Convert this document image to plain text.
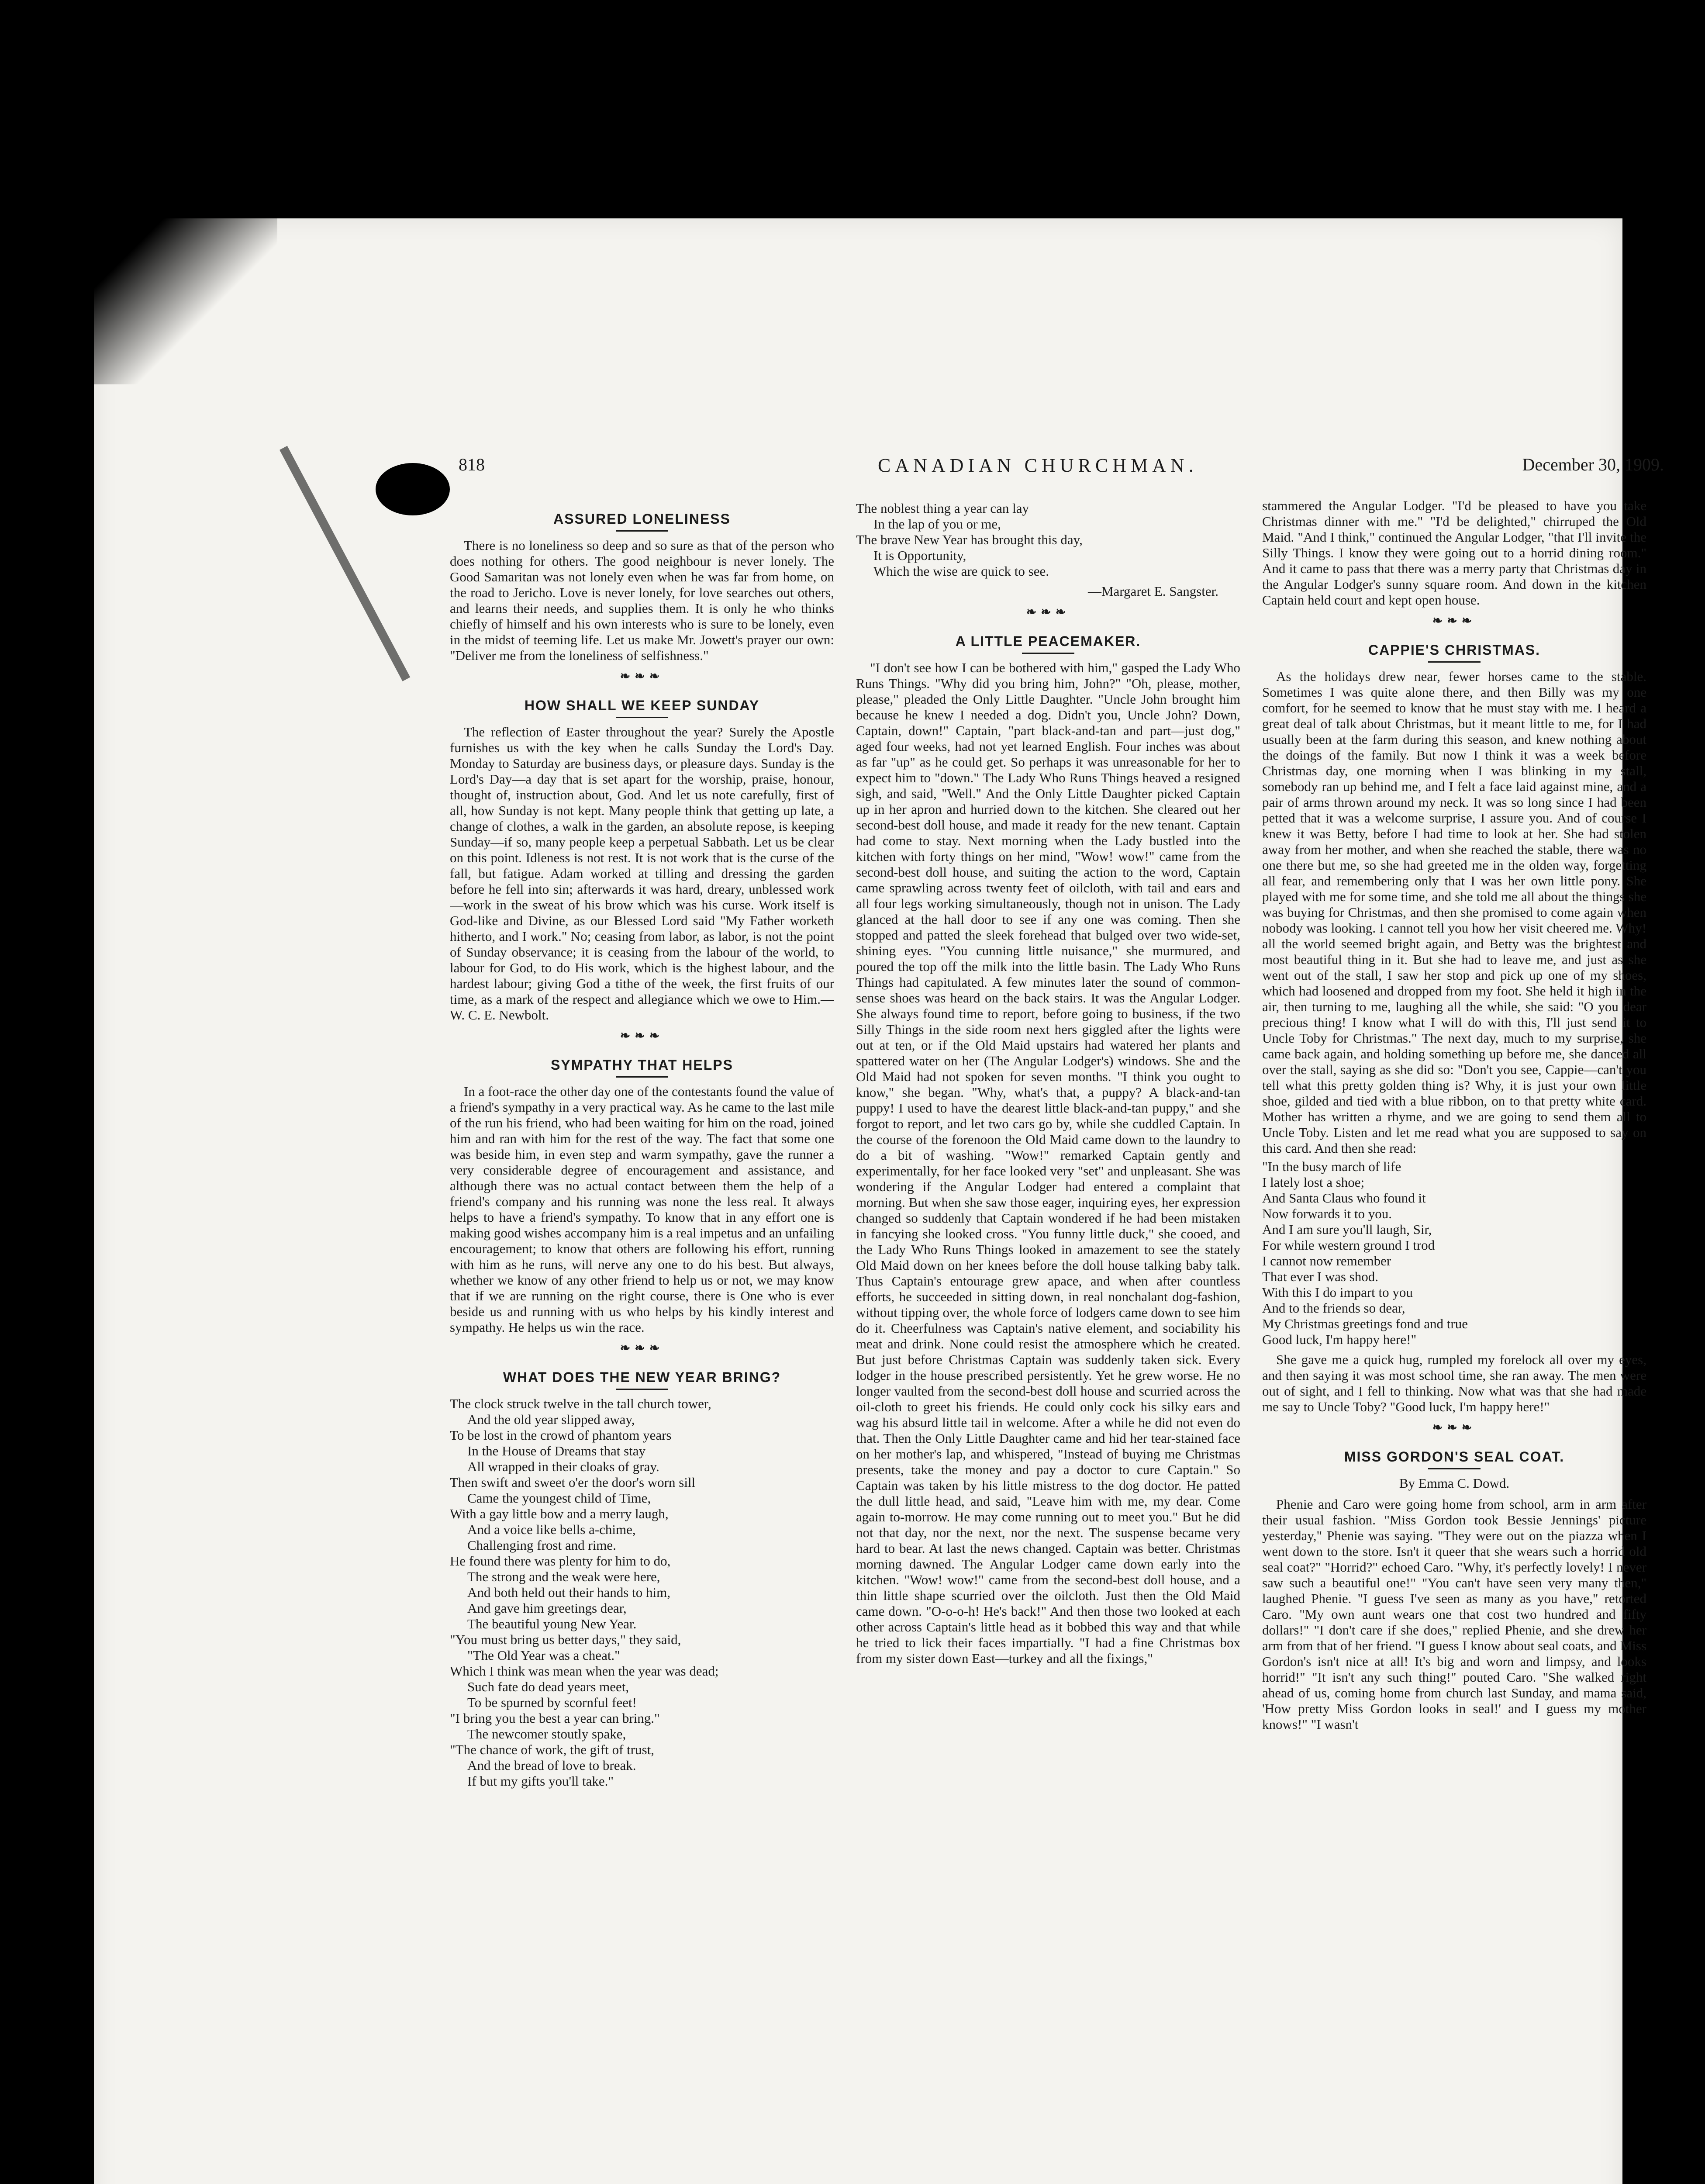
818	CANADIAN CHURCHMAN.	December 30, 1909.
ASSURED LONELINESS

There is no loneliness so deep and so sure as that of the person who does nothing for others. The good neighbour is never lonely. The Good Samaritan was not lonely even when he was far from home, on the road to Jericho. Love is never lonely, for love searches out others, and learns their needs, and supplies them. It is only he who thinks chiefly of himself and his own interests who is sure to be lonely, even in the midst of teeming life. Let us make Mr. Jowett's prayer our own: "Deliver me from the loneliness of selfishness."

❧❧❧
HOW SHALL WE KEEP SUNDAY

The reflection of Easter throughout the year? Surely the Apostle furnishes us with the key when he calls Sunday the Lord's Day. Monday to Saturday are business days, or pleasure days. Sunday is the Lord's Day—a day that is set apart for the worship, praise, honour, thought of, instruction about, God. And let us note carefully, first of all, how Sunday is not kept. Many people think that getting up late, a change of clothes, a walk in the garden, an absolute repose, is keeping Sunday—if so, many people keep a perpetual Sabbath. Let us be clear on this point. Idleness is not rest. It is not work that is the curse of the fall, but fatigue. Adam worked at tilling and dressing the garden before he fell into sin; afterwards it was hard, dreary, unblessed work—work in the sweat of his brow which was his curse. Work itself is God-like and Divine, as our Blessed Lord said "My Father worketh hitherto, and I work." No; ceasing from labor, as labor, is not the point of Sunday observance; it is ceasing from the labour of the world, to labour for God, to do His work, which is the highest labour, and the hardest labour; giving God a tithe of the week, the first fruits of our time, as a mark of the respect and allegiance which we owe to Him.—W. C. E. Newbolt.

❧❧❧
SYMPATHY THAT HELPS

In a foot-race the other day one of the contestants found the value of a friend's sympathy in a very practical way. As he came to the last mile of the run his friend, who had been waiting for him on the road, joined him and ran with him for the rest of the way. The fact that some one was beside him, in even step and warm sympathy, gave the runner a very considerable degree of encouragement and assistance, and although there was no actual contact between them the help of a friend's company and his running was none the less real. It always helps to have a friend's sympathy. To know that in any effort one is making good wishes accompany him is a real impetus and an unfailing encouragement; to know that others are following his effort, running with him as he runs, will nerve any one to do his best. But always, whether we know of any other friend to help us or not, we may know that if we are running on the right course, there is One who is ever beside us and running with us who helps by his kindly interest and sympathy. He helps us win the race.

❧❧❧
WHAT DOES THE NEW YEAR BRING?
The clock struck twelve in the tall church tower,
And the old year slipped away,
To be lost in the crowd of phantom years
In the House of Dreams that stay
All wrapped in their cloaks of gray.
Then swift and sweet o'er the door's worn sill
Came the youngest child of Time,
With a gay little bow and a merry laugh,
And a voice like bells a-chime,
Challenging frost and rime.
He found there was plenty for him to do,
The strong and the weak were here,
And both held out their hands to him,
And gave him greetings dear,
The beautiful young New Year.
"You must bring us better days," they said,
"The Old Year was a cheat."
Which I think was mean when the year was dead;
Such fate do dead years meet,
To be spurned by scornful feet!
"I bring you the best a year can bring."
The newcomer stoutly spake,
"The chance of work, the gift of trust,
And the bread of love to break.
If but my gifts you'll take."
The noblest thing a year can lay
In the lap of you or me,
The brave New Year has brought this day,
It is Opportunity,
Which the wise are quick to see.
—Margaret E. Sangster.
❧❧❧
A LITTLE PEACEMAKER.

"I don't see how I can be bothered with him," gasped the Lady Who Runs Things. "Why did you bring him, John?" "Oh, please, mother, please," pleaded the Only Little Daughter. "Uncle John brought him because he knew I needed a dog. Didn't you, Uncle John? Down, Captain, down!" Captain, "part black-and-tan and part—just dog," aged four weeks, had not yet learned English. Four inches was about as far "up" as he could get. So perhaps it was unreasonable for her to expect him to "down." The Lady Who Runs Things heaved a resigned sigh, and said, "Well." And the Only Little Daughter picked Captain up in her apron and hurried down to the kitchen. She cleared out her second-best doll house, and made it ready for the new tenant. Captain had come to stay. Next morning when the Lady bustled into the kitchen with forty things on her mind, "Wow! wow!" came from the second-best doll house, and suiting the action to the word, Captain came sprawling across twenty feet of oilcloth, with tail and ears and all four legs working simultaneously, though not in unison. The Lady glanced at the hall door to see if any one was coming. Then she stopped and patted the sleek forehead that bulged over two wide-set, shining eyes. "You cunning little nuisance," she murmured, and poured the top off the milk into the little basin. The Lady Who Runs Things had capitulated. A few minutes later the sound of common-sense shoes was heard on the back stairs. It was the Angular Lodger. She always found time to report, before going to business, if the two Silly Things in the side room next hers giggled after the lights were out at ten, or if the Old Maid upstairs had watered her plants and spattered water on her (The Angular Lodger's) windows. She and the Old Maid had not spoken for seven months. "I think you ought to know," she began. "Why, what's that, a puppy? A black-and-tan puppy! I used to have the dearest little black-and-tan puppy," and she forgot to report, and let two cars go by, while she cuddled Captain. In the course of the forenoon the Old Maid came down to the laundry to do a bit of washing. "Wow!" remarked Captain gently and experimentally, for her face looked very "set" and unpleasant. She was wondering if the Angular Lodger had entered a complaint that morning. But when she saw those eager, inquiring eyes, her expression changed so suddenly that Captain wondered if he had been mistaken in fancying she looked cross. "You funny little duck," she cooed, and the Lady Who Runs Things looked in amazement to see the stately Old Maid down on her knees before the doll house talking baby talk. Thus Captain's entourage grew apace, and when after countless efforts, he succeeded in sitting down, in real nonchalant dog-fashion, without tipping over, the whole force of lodgers came down to see him do it. Cheerfulness was Captain's native element, and sociability his meat and drink. None could resist the atmosphere which he created. But just before Christmas Captain was suddenly taken sick. Every lodger in the house prescribed persistently. Yet he grew worse. He no longer vaulted from the second-best doll house and scurried across the oil-cloth to greet his friends. He could only cock his silky ears and wag his absurd little tail in welcome. After a while he did not even do that. Then the Only Little Daughter came and hid her tear-stained face on her mother's lap, and whispered, "Instead of buying me Christmas presents, take the money and pay a doctor to cure Captain." So Captain was taken by his little mistress to the dog doctor. He patted the dull little head, and said, "Leave him with me, my dear. Come again to-morrow. He may come running out to meet you." But he did not that day, nor the next, nor the next. The suspense became very hard to bear. At last the news changed. Captain was better. Christmas morning dawned. The Angular Lodger came down early into the kitchen. "Wow! wow!" came from the second-best doll house, and a thin little shape scurried over the oilcloth. Just then the Old Maid came down. "O-o-o-h! He's back!" And then those two looked at each other across Captain's little head as it bobbed this way and that while he tried to lick their faces impartially. "I had a fine Christmas box from my sister down East—turkey and all the fixings,"

stammered the Angular Lodger. "I'd be pleased to have you take Christmas dinner with me." "I'd be delighted," chirruped the Old Maid. "And I think," continued the Angular Lodger, "that I'll invite the Silly Things. I know they were going out to a horrid dining room." And it came to pass that there was a merry party that Christmas day in the Angular Lodger's sunny square room. And down in the kitchen Captain held court and kept open house.

❧❧❧
CAPPIE'S CHRISTMAS.

As the holidays drew near, fewer horses came to the stable. Sometimes I was quite alone there, and then Billy was my one comfort, for he seemed to know that he must stay with me. I heard a great deal of talk about Christmas, but it meant little to me, for I had usually been at the farm during this season, and knew nothing about the doings of the family. But now I think it was a week before Christmas day, one morning when I was blinking in my stall, somebody ran up behind me, and I felt a face laid against mine, and a pair of arms thrown around my neck. It was so long since I had been petted that it was a welcome surprise, I assure you. And of course I knew it was Betty, before I had time to look at her. She had stolen away from her mother, and when she reached the stable, there was no one there but me, so she had greeted me in the olden way, forgetting all fear, and remembering only that I was her own little pony. She played with me for some time, and she told me all about the things she was buying for Christmas, and then she promised to come again when nobody was looking. I cannot tell you how her visit cheered me. Why! all the world seemed bright again, and Betty was the brightest and most beautiful thing in it. But she had to leave me, and just as she went out of the stall, I saw her stop and pick up one of my shoes, which had loosened and dropped from my foot. She held it high in the air, then turning to me, laughing all the while, she said: "O you dear precious thing! I know what I will do with this, I'll just send it to Uncle Toby for Christmas." The next day, much to my surprise, she came back again, and holding something up before me, she danced all over the stall, saying as she did so: "Don't you see, Cappie—can't you tell what this pretty golden thing is? Why, it is just your own little shoe, gilded and tied with a blue ribbon, on to that pretty white card. Mother has written a rhyme, and we are going to send them all to Uncle Toby. Listen and let me read what you are supposed to say on this card. And then she read:

"In the busy march of life
I lately lost a shoe;
And Santa Claus who found it
Now forwards it to you.
And I am sure you'll laugh, Sir,
For while western ground I trod
I cannot now remember
That ever I was shod.
With this I do impart to you
And to the friends so dear,
My Christmas greetings fond and true
Good luck, I'm happy here!"

She gave me a quick hug, rumpled my forelock all over my eyes, and then saying it was most school time, she ran away. The men were out of sight, and I fell to thinking. Now what was that she had made me say to Uncle Toby? "Good luck, I'm happy here!"

❧❧❧
MISS GORDON'S SEAL COAT.
By Emma C. Dowd.

Phenie and Caro were going home from school, arm in arm after their usual fashion. "Miss Gordon took Bessie Jennings' picture yesterday," Phenie was saying. "They were out on the piazza when I went down to the store. Isn't it queer that she wears such a horrid old seal coat?" "Horrid?" echoed Caro. "Why, it's perfectly lovely! I never saw such a beautiful one!" "You can't have seen very many then," laughed Phenie. "I guess I've seen as many as you have," retorted Caro. "My own aunt wears one that cost two hundred and fifty dollars!" "I don't care if she does," replied Phenie, and she drew her arm from that of her friend. "I guess I know about seal coats, and Miss Gordon's isn't nice at all! It's big and worn and limpsy, and looks horrid!" "It isn't any such thing!" pouted Caro. "She walked right ahead of us, coming home from church last Sunday, and mama said, 'How pretty Miss Gordon looks in seal!' and I guess my mother knows!" "I wasn't
